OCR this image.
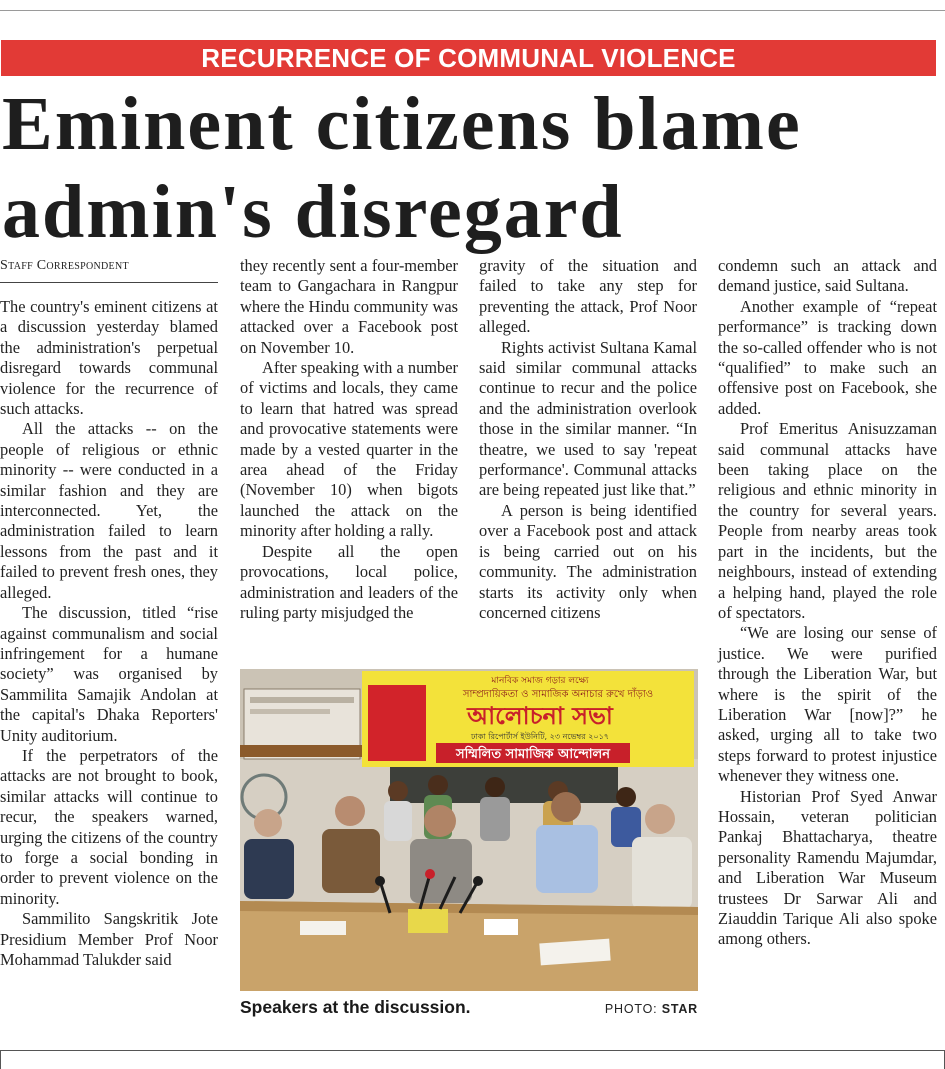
RECURRENCE OF COMMUNAL VIOLENCE
Eminent citizens blame
admin's disregard
Staff Correspondent

The country's eminent citizens at a discussion yesterday blamed the administration's perpetual disregard towards communal violence for the recurrence of such attacks.

All the attacks -- on the people of religious or ethnic minority -- were conducted in a similar fashion and they are interconnected. Yet, the administration failed to learn lessons from the past and it failed to prevent fresh ones, they alleged.

The discussion, titled “rise against communalism and social infringement for a humane society” was organised by Sammilita Samajik Andolan at the capital's Dhaka Reporters' Unity auditorium.

If the perpetrators of the attacks are not brought to book, similar attacks will continue to recur, the speakers warned, urging the citizens of the country to forge a social bonding in order to prevent violence on the minority.

Sammilito Sangskritik Jote Presidium Member Prof Noor Mohammad Talukder said

they recently sent a four-member team to Gangachara in Rangpur where the Hindu community was attacked over a Facebook post on November 10.

After speaking with a number of victims and locals, they came to learn that hatred was spread and provocative statements were made by a vested quarter in the area ahead of the Friday (November 10) when bigots launched the attack on the minority after holding a rally.

Despite all the open provocations, local police, administration and leaders of the ruling party misjudged the

gravity of the situation and failed to take any step for preventing the attack, Prof Noor alleged.

Rights activist Sultana Kamal said similar communal attacks continue to recur and the police and the administration overlook those in the similar manner. “In theatre, we used to say 'repeat performance'. Communal attacks are being repeated just like that.”

A person is being identified over a Facebook post and attack is being carried out on his community. The administration starts its activity only when concerned citizens

condemn such an attack and demand justice, said Sultana.

Another example of “repeat performance” is tracking down the so-called offender who is not “qualified” to make such an offensive post on Facebook, she added.

Prof Emeritus Anisuzzaman said communal attacks have been taking place on the religious and ethnic minority in the country for several years. People from nearby areas took part in the incidents, but the neighbours, instead of extending a helping hand, played the role of spectators.

“We are losing our sense of justice. We were purified through the Liberation War, but where is the spirit of the Liberation War [now]?” he asked, urging all to take two steps forward to protest injustice whenever they witness one.

Historian Prof Syed Anwar Hossain, veteran politician Pankaj Bhattacharya, theatre personality Ramendu Majumdar, and Liberation War Museum trustees Dr Sarwar Ali and Ziauddin Tarique Ali also spoke among others.

মানবিক সমাজ গড়ার লক্ষ্যে
সাম্প্রদায়িকতা ও সামাজিক অনাচার রুখে দাঁড়াও
আলোচনা সভা
ঢাকা রিপোর্টার্স ইউনিটি, ২৩ নভেম্বর ২০১৭
সম্মিলিত সামাজিক আন্দোলন
Speakers at the discussion.	PHOTO: STAR
